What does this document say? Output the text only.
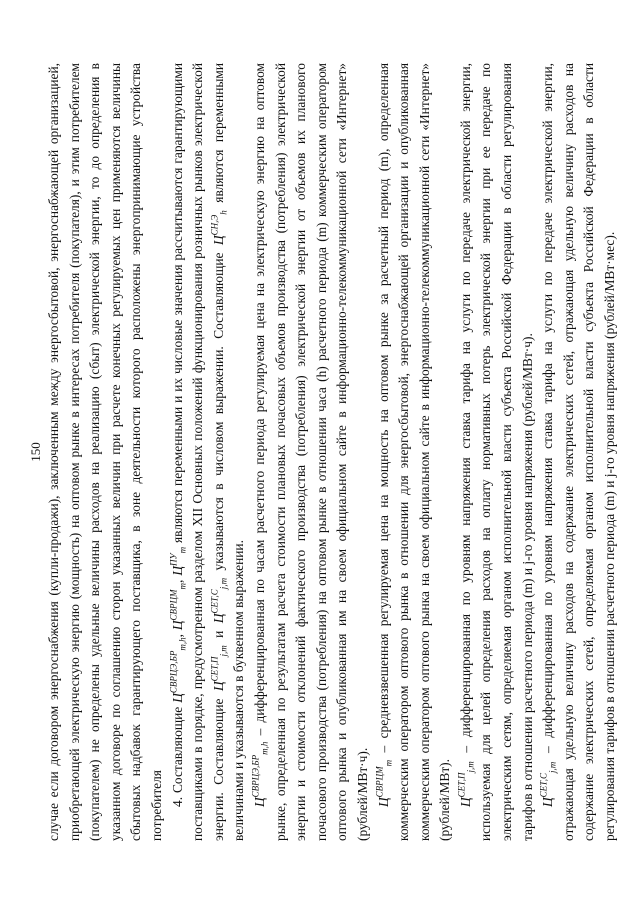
150 случае если договором энергоснабжения (купли-продажи), заключенным между энергосбытовой, энергоснабжающей организацией, приобретающей электрическую энергию (мощность) на оптовом рынке в интересах потребителя (покупателя), и этим потребителем (покупателем) не определены удельные величины расходов на реализацию (сбыт) электрической энергии, то до определения в указанном договоре по соглашению сторон указанных величин при расчете конечных регулируемых цен применяются величины сбытовых надбавок гарантирующего поставщика, в зоне деятельности которого расположены энергопринимающие устройства потребителя 4. Составляющие $Ц^{СВРЦЭ,БР}_{m,h}$, $Ц^{СВРЦМ}_m$, $Ц^{ПУ}_m$ являются переменными и их числовые значения рассчитываются гарантирующими поставщиками в порядке, предусмотренном разделом XII Основных положений функционирования розничных рынков электрической энергии. Составляющие $Ц^{СЕТ,П}_{j,m}$ и $Ц^{СЕТ,С}_{j,m}$ указываются в числовом выражении. Составляющие $Ц^{СН,Э}_h$ являются переменными величинами и указываются в буквенном выражении. $Ц^{СВРЦЭ,БР}_{m,h}$ – дифференцированная по часам расчетного периода регулируемая цена на электрическую энергию на оптовом рынке, определенная по результатам расчета стоимости плановых почасовых объемов производства (потребления) электрической энергии и стоимости отклонений фактического производства (потребления) электрической энергии от объемов их планового почасового производства (потребления) на оптовом рынке в отношении часа (h) расчетного периода (m) коммерческим оператором оптового рынка и опубликованная им на своем официальном сайте в информационно-телекоммуникационной сети «Интернет» (рублей/МВт·ч). $Ц^{СВРЦМ}_m$ – средневзвешенная регулируемая цена на мощность на оптовом рынке за расчетный период (m), определенная коммерческим оператором оптового рынка в отношении для энергосбытовой, энергоснабжающей организации и опубликованная коммерческим оператором оптового рынка на своем официальном сайте в информационно-телекоммуникационной сети «Интернет» (рублей/МВт). $Ц^{СЕТ,П}_{j,m}$ – дифференцированная по уровням напряжения ставка тарифа на услуги по передаче электрической энергии, используемая для целей определения расходов на оплату нормативных потерь электрической энергии при ее передаче по электрическим сетям, определяемая органом исполнительной власти субъекта Российской Федерации в области регулирования тарифов в отношении расчетного периода (m) и j-го уровня напряжения (рублей/МВт·ч). $Ц^{СЕТ,С}_{j,m}$ – дифференцированная по уровням напряжения ставка тарифа на услуги по передаче электрической энергии, отражающая удельную величину расходов на содержание электрических сетей, отражающая удельную величину расходов на содержание электрических сетей, определяемая органом исполнительной власти субъекта Российской Федерации в области регулирования тарифов в отношении расчетного периода (m) и j-го уровня напряжения (рублей/МВт·мес).
